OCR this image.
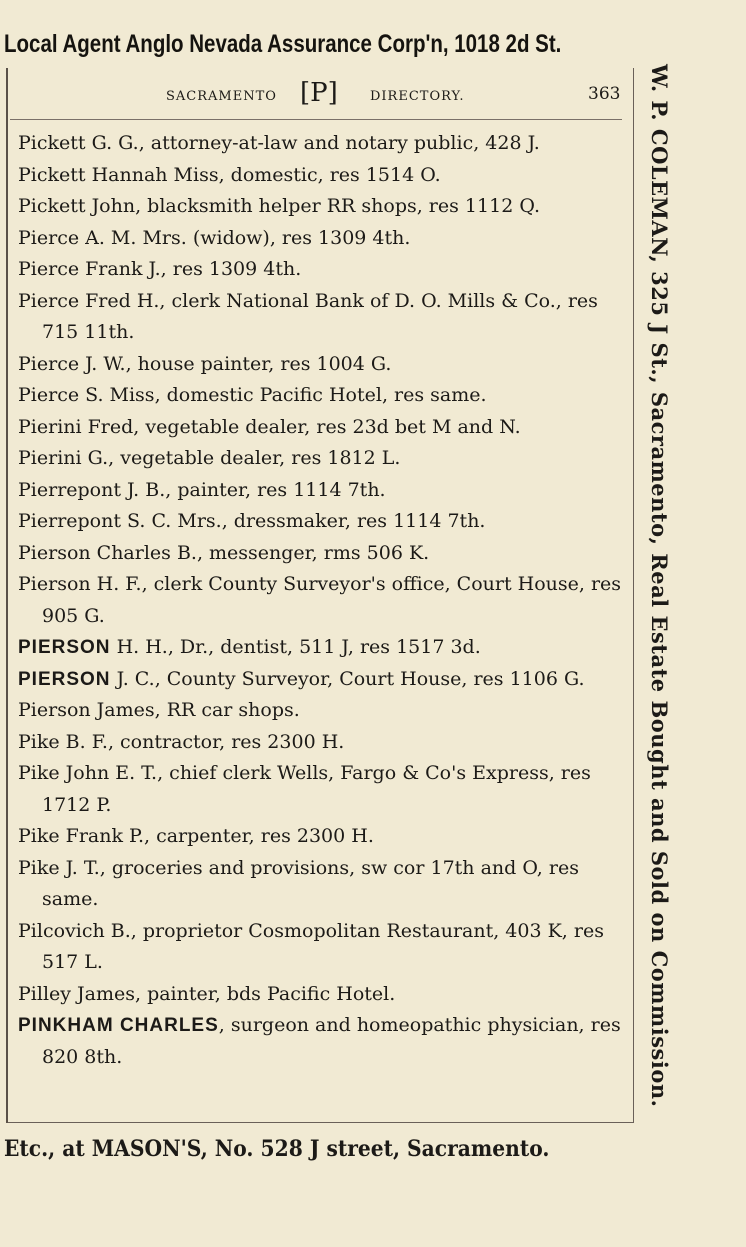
Local Agent Anglo Nevada Assurance Corp'n, 1018 2d St.
SACRAMENTO [P] DIRECTORY.	363

Pickett G. G., attorney-at-law and notary public, 428 J.

Pickett Hannah Miss, domestic, res 1514 O.

Pickett John, blacksmith helper RR shops, res 1112 Q.

Pierce A. M. Mrs. (widow), res 1309 4th.

Pierce Frank J., res 1309 4th.

Pierce Fred H., clerk National Bank of D. O. Mills & Co., res 715 11th.

Pierce J. W., house painter, res 1004 G.

Pierce S. Miss, domestic Pacific Hotel, res same.

Pierini Fred, vegetable dealer, res 23d bet M and N.

Pierini G., vegetable dealer, res 1812 L.

Pierrepont J. B., painter, res 1114 7th.

Pierrepont S. C. Mrs., dressmaker, res 1114 7th.

Pierson Charles B., messenger, rms 506 K.

Pierson H. F., clerk County Surveyor's office, Court House, res 905 G.

PIERSON H. H., Dr., dentist, 511 J, res 1517 3d.

PIERSON J. C., County Surveyor, Court House, res 1106 G.

Pierson James, RR car shops.

Pike B. F., contractor, res 2300 H.

Pike John E. T., chief clerk Wells, Fargo & Co's Express, res 1712 P.

Pike Frank P., carpenter, res 2300 H.

Pike J. T., groceries and provisions, sw cor 17th and O, res same.

Pilcovich B., proprietor Cosmopolitan Restaurant, 403 K, res 517 L.

Pilley James, painter, bds Pacific Hotel.

PINKHAM CHARLES, surgeon and homeopathic physician, res 820 8th.	W. P. COLEMAN, 325 J St., Sacramento, Real Estate Bought and Sold on Commission.
Etc., at MASON'S, No. 528 J street, Sacramento.
